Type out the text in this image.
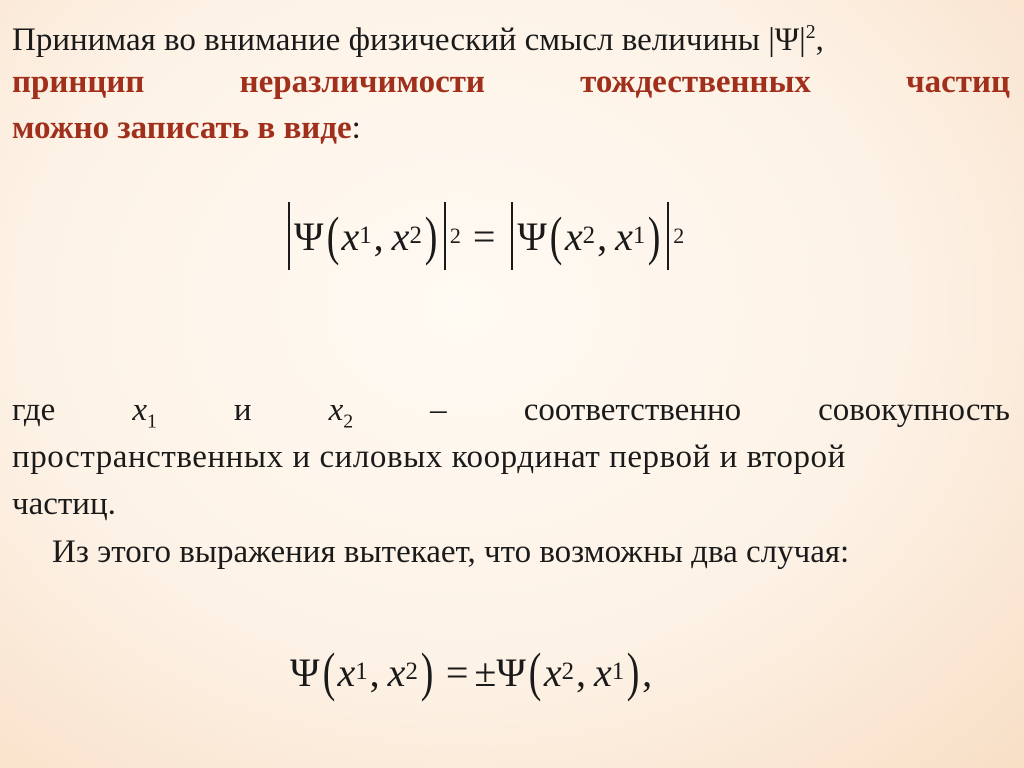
Принимая во внимание физический смысл величины $|\Psi|^2$,
принцип	неразличимости	тождественных	частиц
можно записать в виде:
Ψ ( x 1 , x 2 ) 2 = Ψ ( x 2 , x 1 ) 2
где $x_1$ и $x_2$ – соответственно совокупность
пространственных и силовых координат первой и второй
частиц.
Из этого выражения вытекает, что возможны два случая:
Ψ ( x 1 , x 2 ) = ± Ψ ( x 2 , x 1 ) ,
